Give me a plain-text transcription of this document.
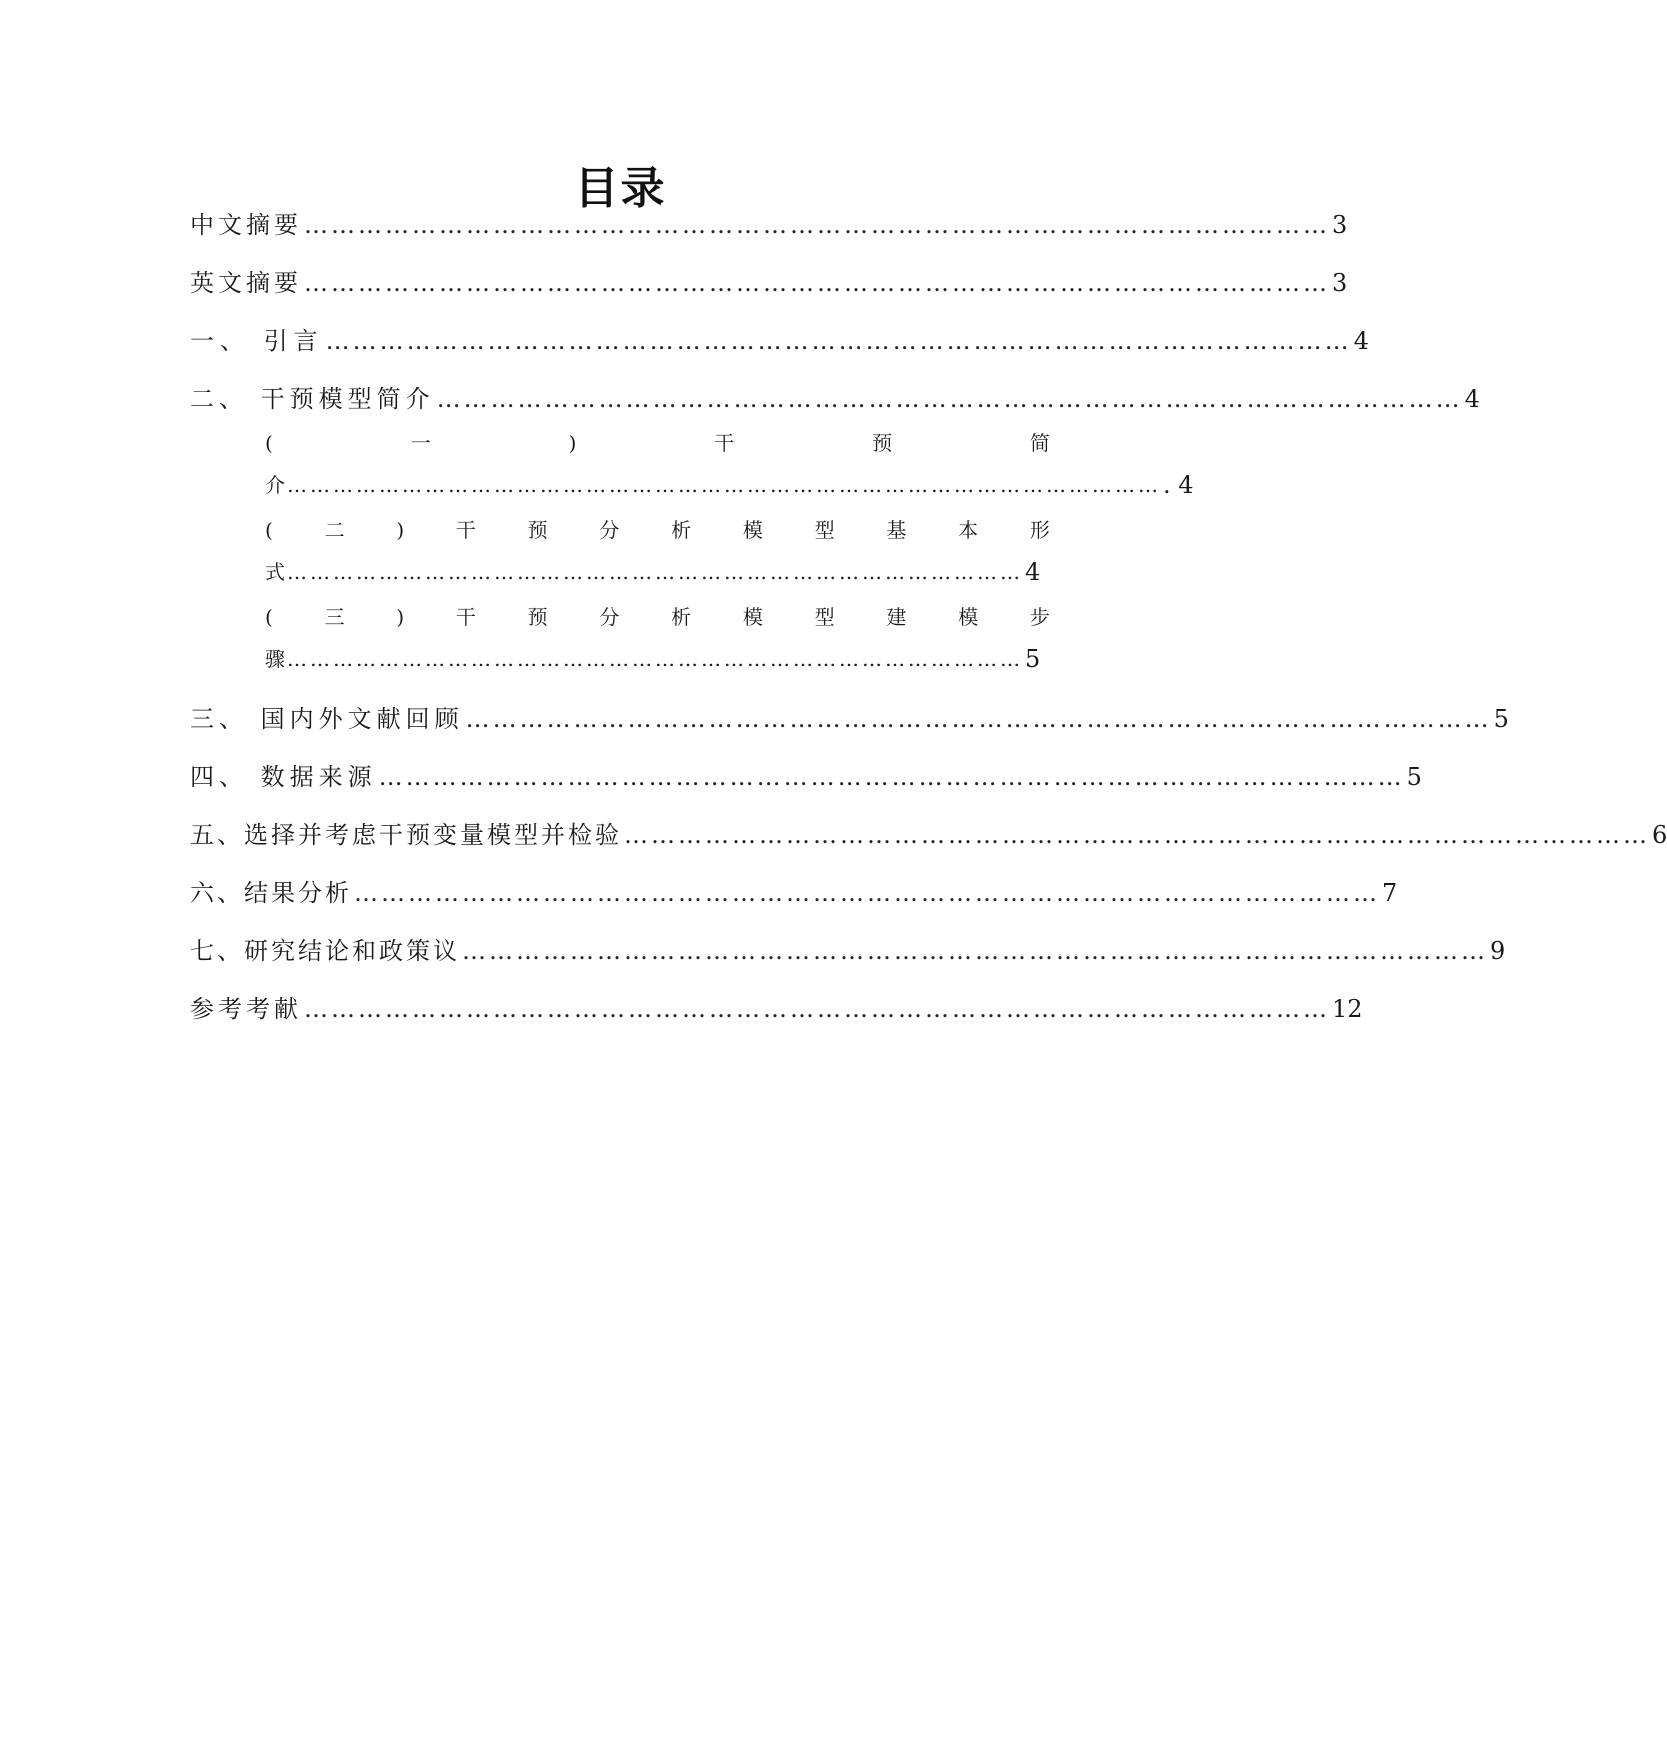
目录
中文摘要 …………………………………………………………………………………………………… 3
英文摘要 …………………………………………………………………………………………………… 3
一、 引言 …………………………………………………………………………………………………… 4
二、 干预模型简介 …………………………………………………………………………………………………… 4
(	一	)	干	预	简
介 …………………………………………………………………………………………………… . 4
(	二	)	干	预	分	析	模	型	基	本	形
式 …………………………………………………………………………………… 4
(	三	)	干	预	分	析	模	型	建	模	步
骤 …………………………………………………………………………………… 5
三、 国内外文献回顾 …………………………………………………………………………………………………… 5
四、 数据来源 …………………………………………………………………………………………………… 5
五、选择并考虑干预变量模型并检验 …………………………………………………………………………………………………… 6
六、结果分析 …………………………………………………………………………………………………… 7
七、研究结论和政策议 …………………………………………………………………………………………………… 9
参考考献 …………………………………………………………………………………………………… 12
